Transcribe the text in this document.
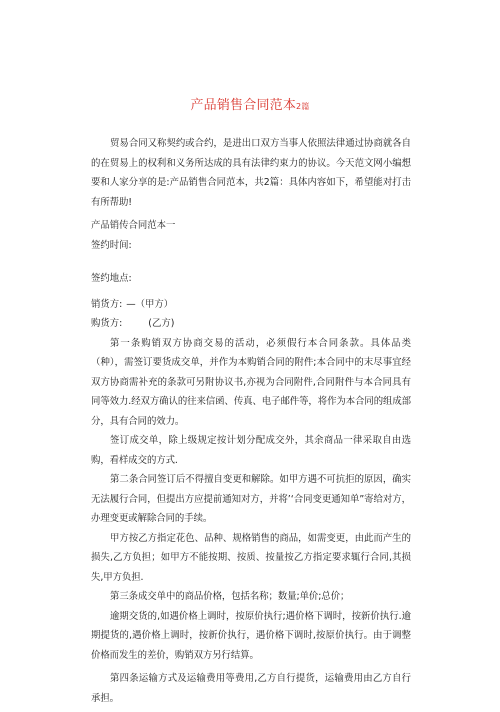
产品销售合同范本2篇

贸易合同又称契约或合约，是进出口双方当事人依照法律通过协商就各自的在贸易上的权利和义务所达成的具有法律约束力的协议。今天范文网小编想要和人家分享的是:产品销售合同范本，共2篇：具体内容如下，希望能对打击有所帮助!

产品销传合同范本一

签约时间:

签约地点:

销货方: —（甲方）

购货方:	(乙方)

第一条购销双方协商交易的活动，必须假行本合同条款。具体品类（种），需签订要货成交单，并作为本购销合同的附件;本合同中的末尽事宜经双方协商需补充的条款可另附协议书,亦视为合同附件,合同附件与本合同具有同等效力.经双方确认的往来信函、传真、电子邮件等，将作为本合同的组成部分，具有合同的效力。

签订成交单，除上级规定按计划分配成交外，其余商品一律采取自由选购，看样成交的方式.

第二条合同签订后不得擅自变更和解除。如甲方遇不可抗拒的原因，确实无法履行合同，但提出方应提前通知对方，并将’‘合同变更通知单”寄给对方，办理变更或解除合同的手续。

甲方按乙方指定花色、品种、规格销售的商品，如需变更，由此而产生的损失,乙方负担；如甲方不能按期、按质、按量按乙方指定要求辄行合同,其损失,甲方负担.

第三条成交单中的商品价格，包括名称；数量;单价;总价；

逾期交货的,如遇价格上调时，按原价执行;遇价格下调时，按新价执行.逾期提货的,遇价格上调时，按新价执行，遇价格下调时,按原价执行。由于调整价格而发生的差价，购销双方另行结算。

第四条运输方式及运输费用等费用,乙方自行提货，运输费用由乙方自行承担。
